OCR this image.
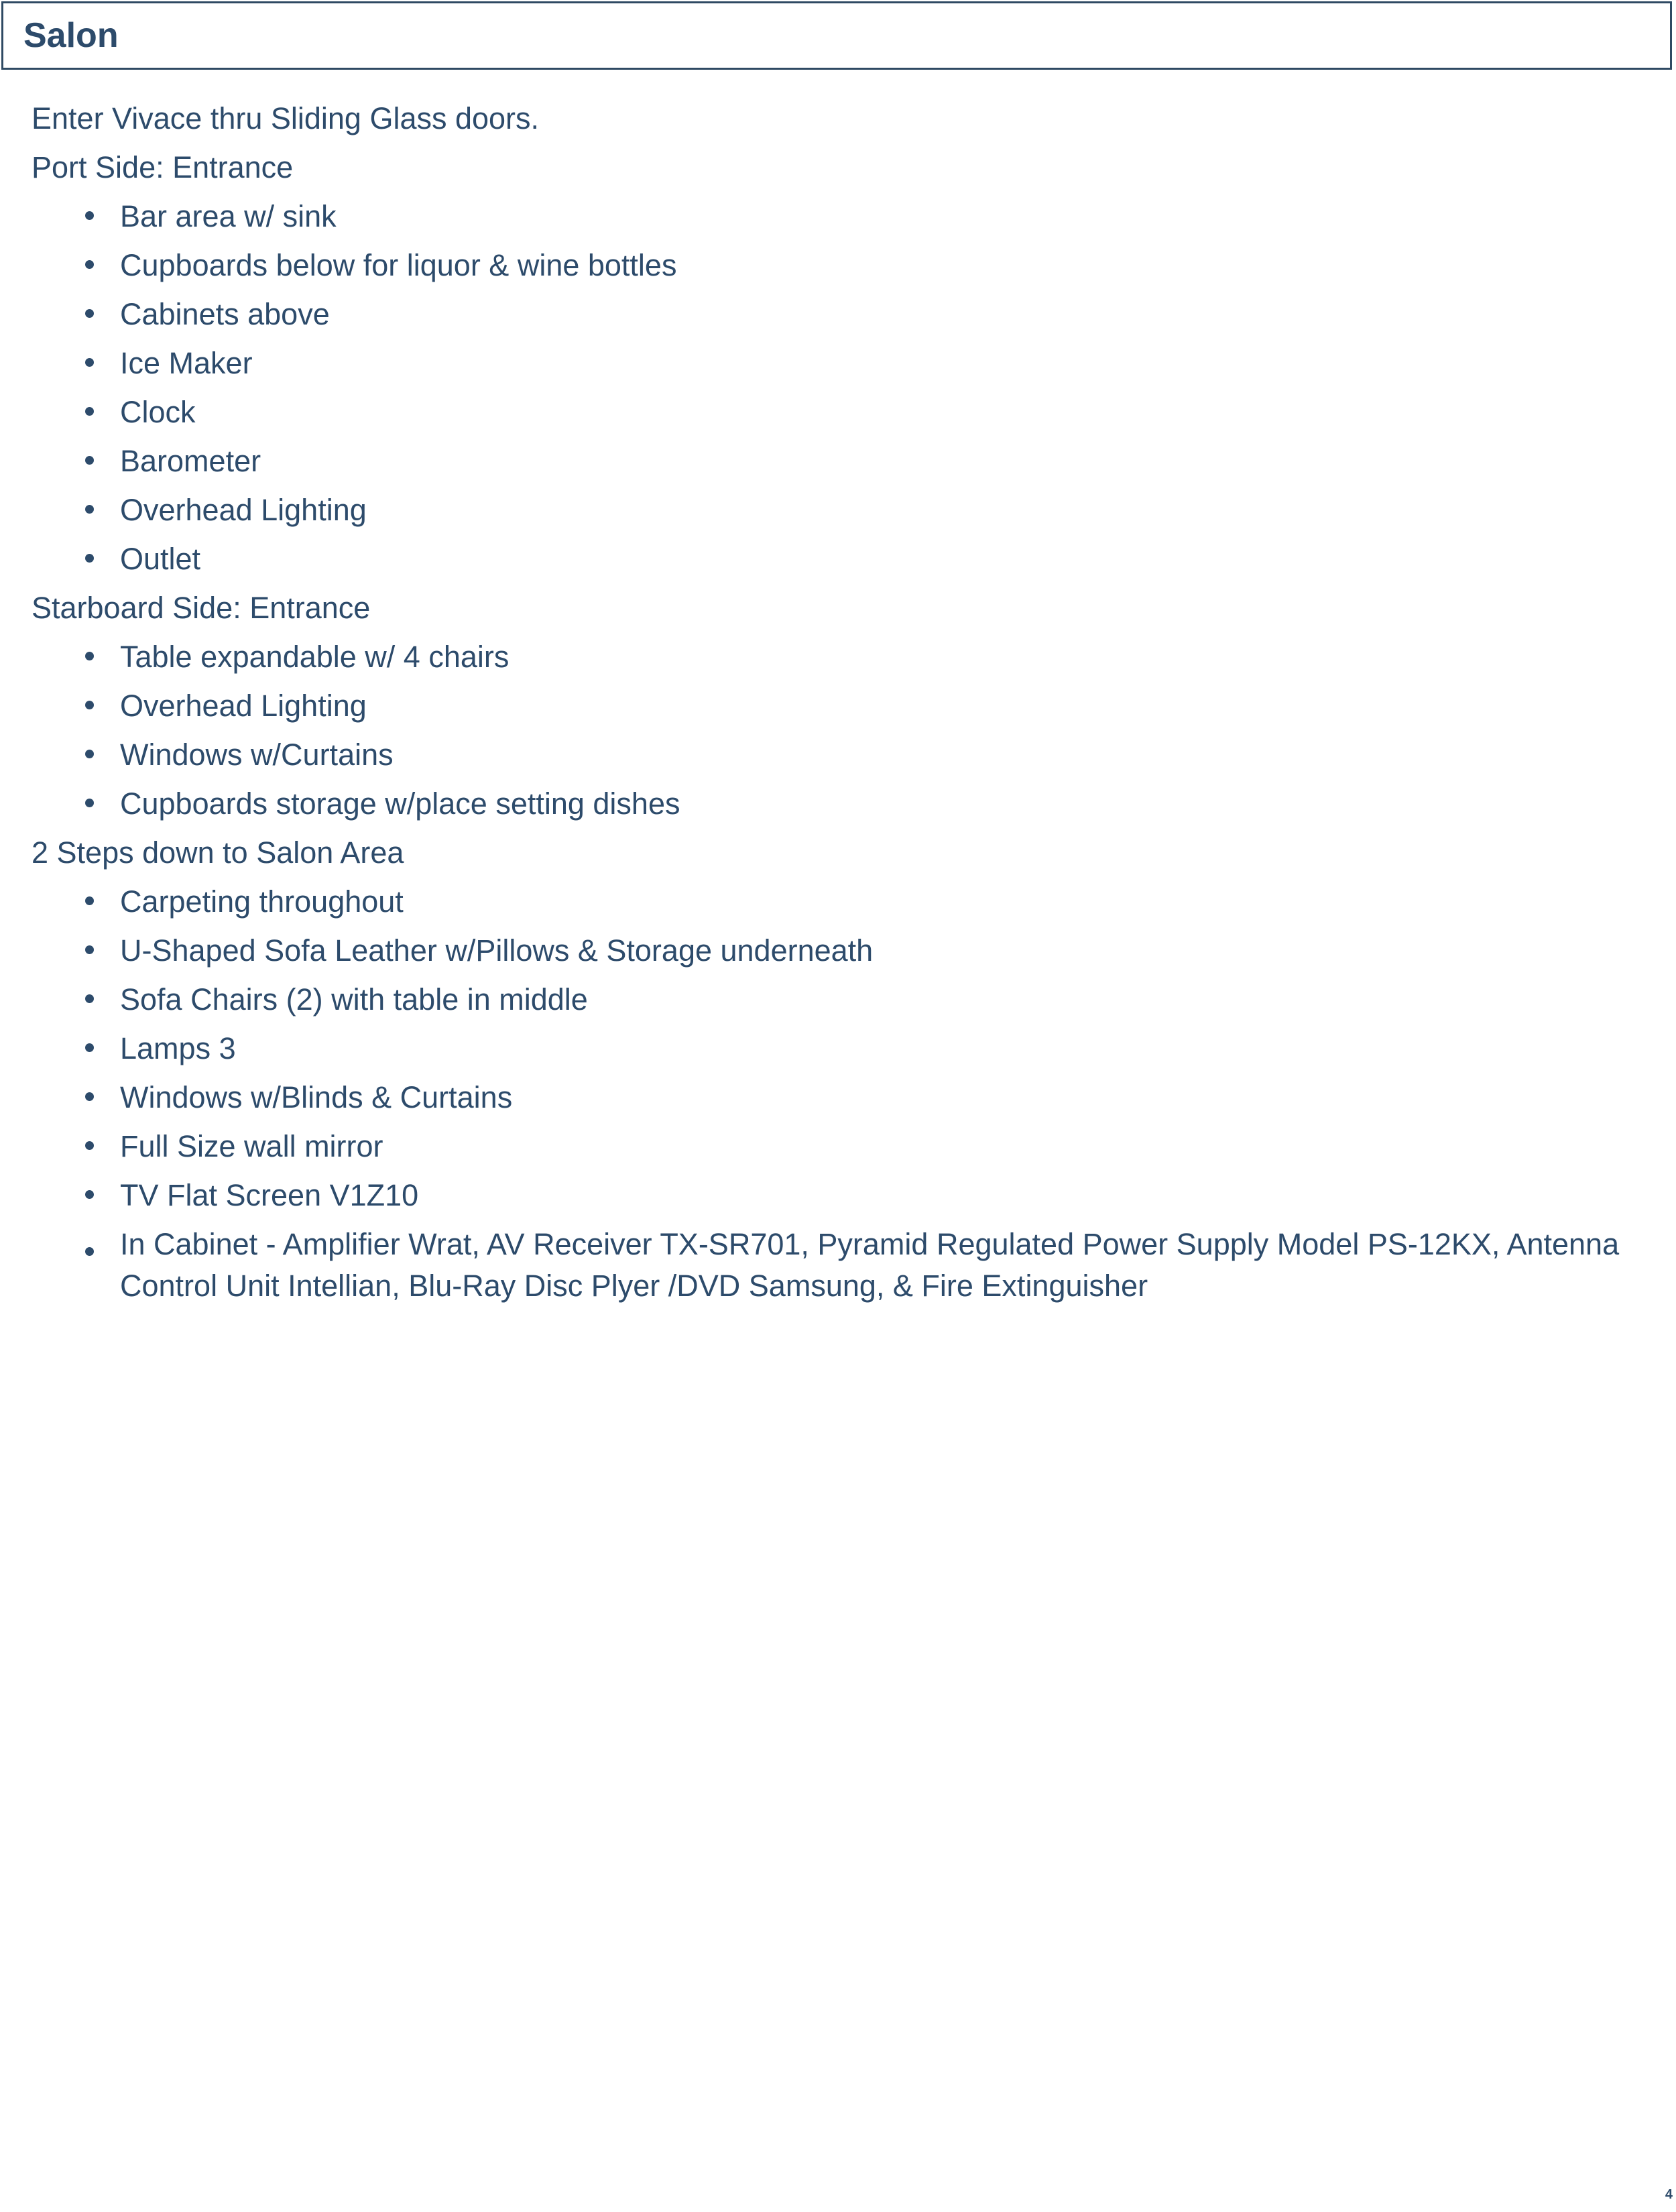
Salon

Enter Vivace thru Sliding Glass doors.

Port Side: Entrance

Bar area w/ sink
Cupboards below for liquor & wine bottles
Cabinets above
Ice Maker
Clock
Barometer
Overhead Lighting
Outlet

Starboard Side: Entrance

Table expandable w/ 4 chairs
Overhead Lighting
Windows w/Curtains
Cupboards storage w/place setting dishes

2 Steps down to Salon Area

Carpeting throughout
U-Shaped Sofa Leather w/Pillows & Storage underneath
Sofa Chairs (2) with table in middle
Lamps 3
Windows w/Blinds & Curtains
Full Size wall mirror
TV Flat Screen V1Z10
In Cabinet - Amplifier Wrat, AV Receiver TX-SR701, Pyramid Regulated Power Supply Model PS-12KX, Antenna Control Unit Intellian, Blu-Ray Disc Plyer /DVD Samsung, & Fire Extinguisher
4
